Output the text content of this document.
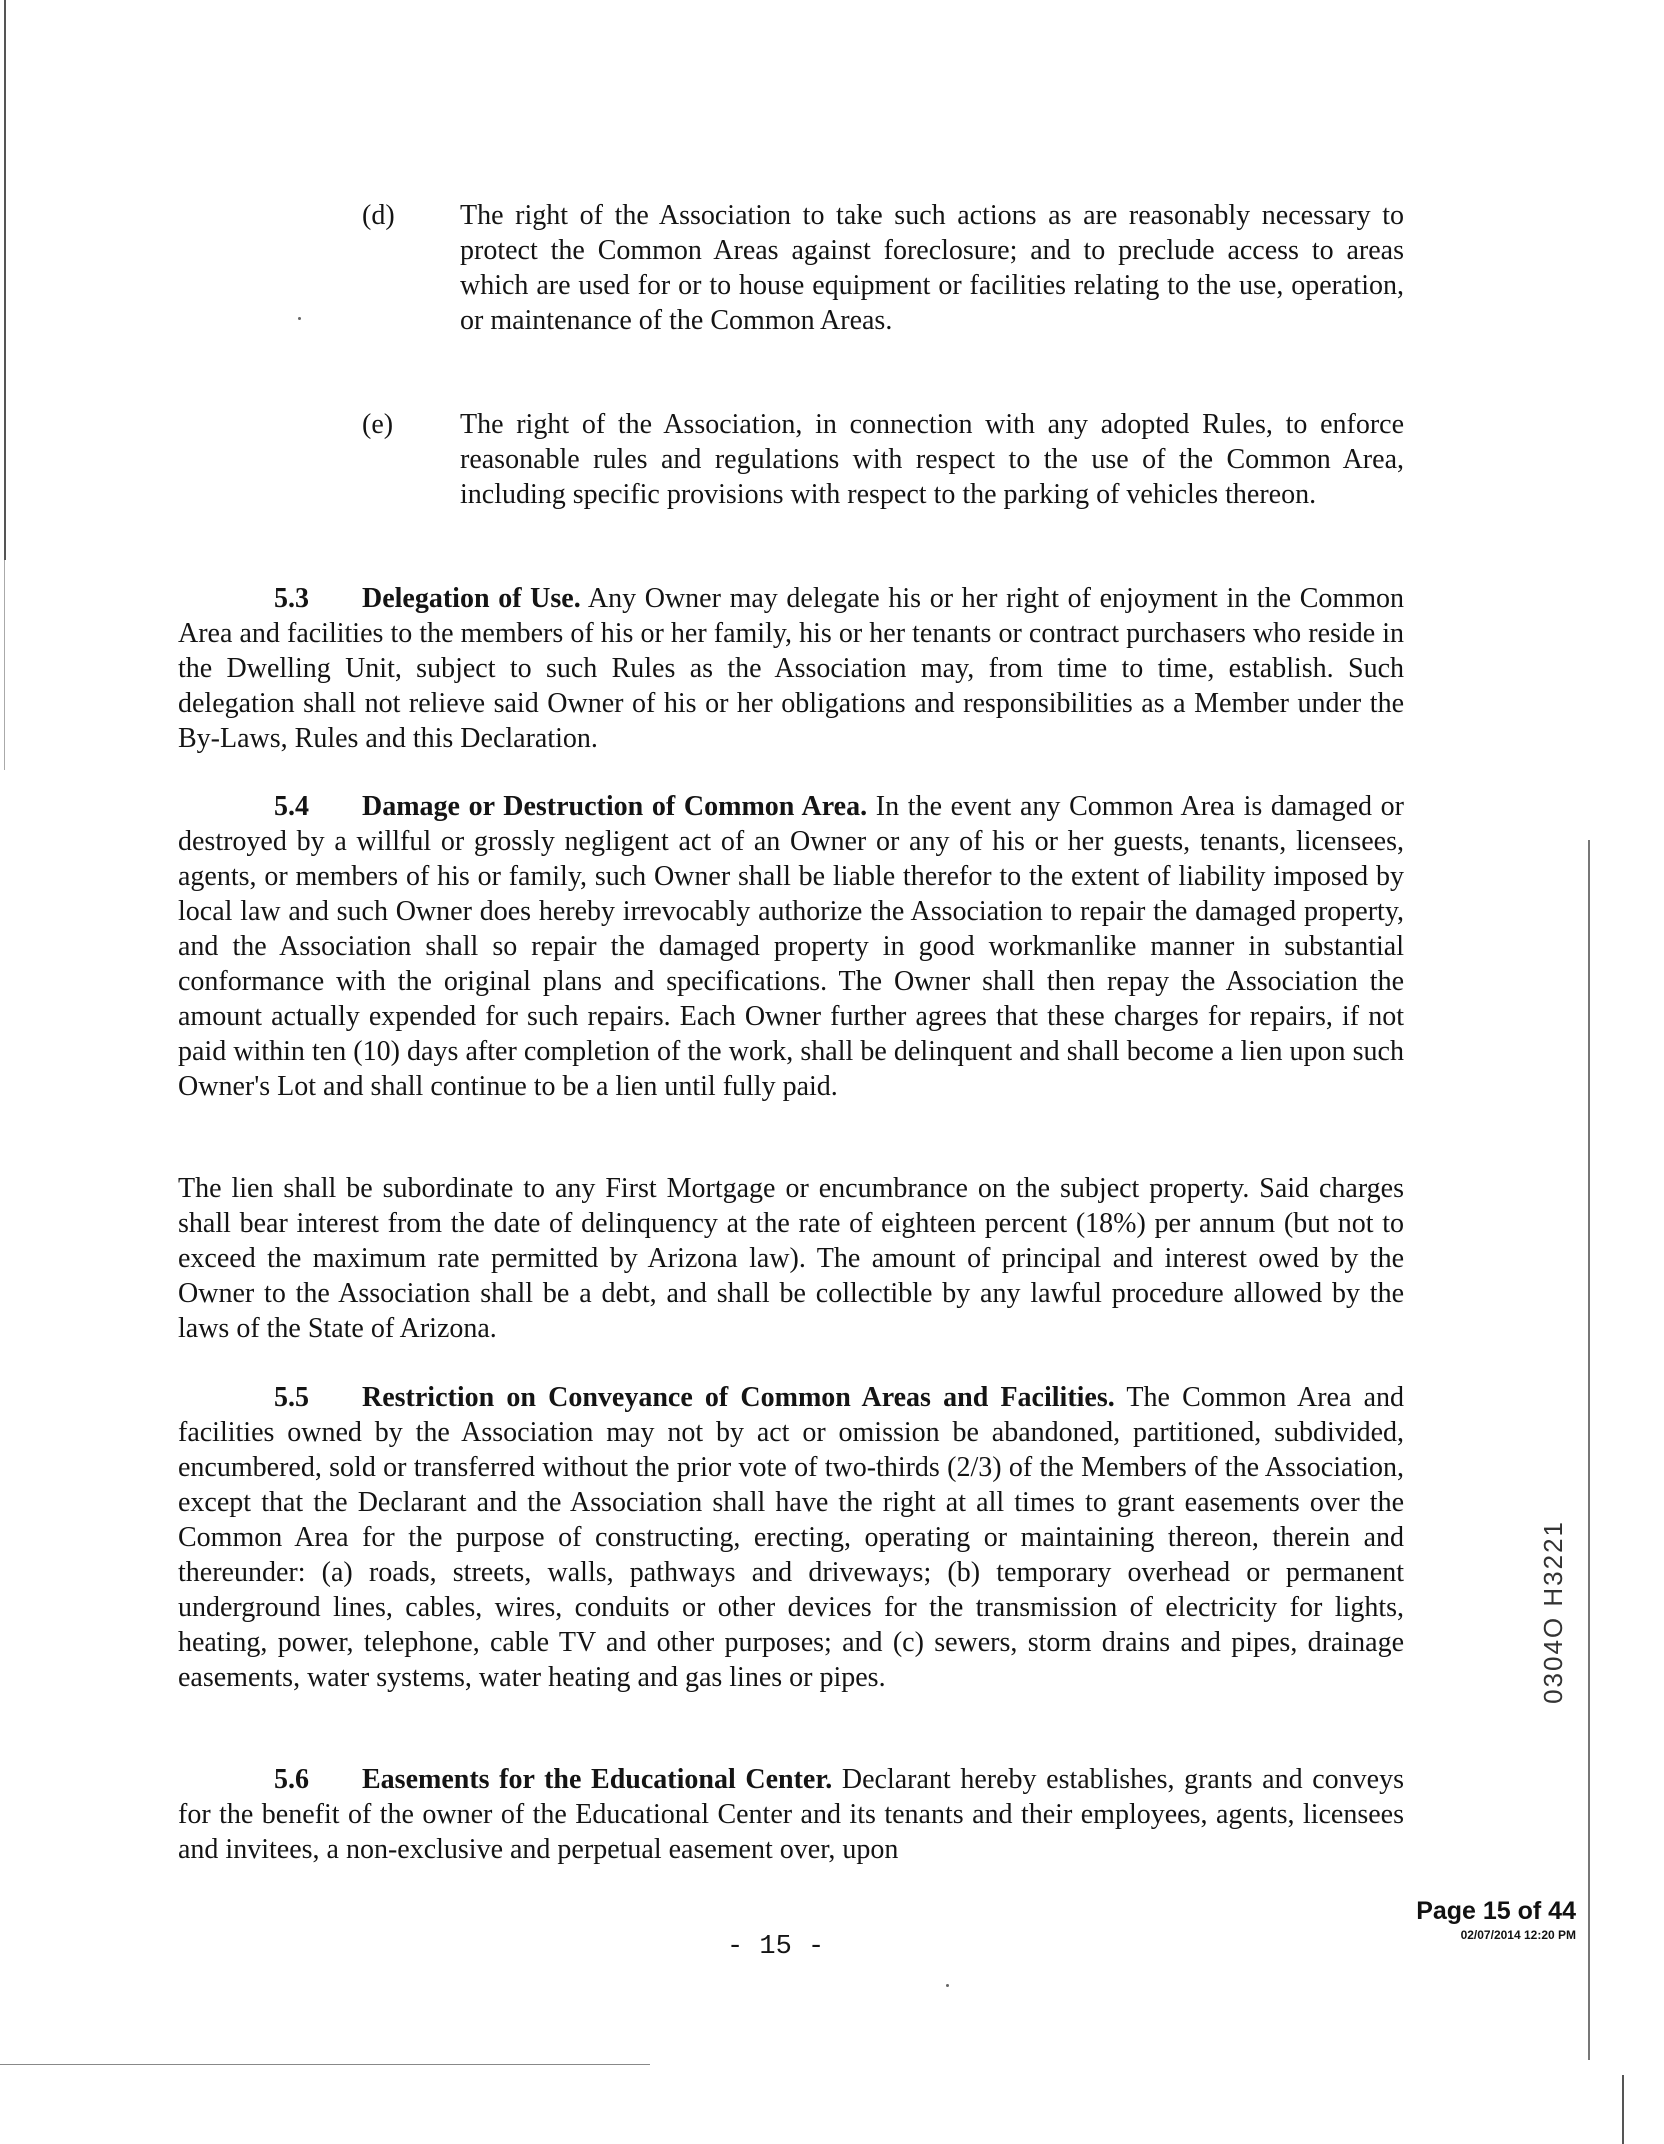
(d) The right of the Association to take such actions as are reasonably necessary to protect the Common Areas against foreclosure; and to preclude access to areas which are used for or to house equipment or facilities relating to the use, operation, or maintenance of the Common Areas.

(e) The right of the Association, in connection with any adopted Rules, to enforce reasonable rules and regulations with respect to the use of the Common Area, including specific provisions with respect to the parking of vehicles thereon.

5.3 Delegation of Use. Any Owner may delegate his or her right of enjoyment in the Common Area and facilities to the members of his or her family, his or her tenants or contract purchasers who reside in the Dwelling Unit, subject to such Rules as the Association may, from time to time, establish. Such delegation shall not relieve said Owner of his or her obligations and responsibilities as a Member under the By-Laws, Rules and this Declaration.

5.4 Damage or Destruction of Common Area. In the event any Common Area is damaged or destroyed by a willful or grossly negligent act of an Owner or any of his or her guests, tenants, licensees, agents, or members of his or family, such Owner shall be liable therefor to the extent of liability imposed by local law and such Owner does hereby irrevocably authorize the Association to repair the damaged property, and the Association shall so repair the damaged property in good workmanlike manner in substantial conformance with the original plans and specifications. The Owner shall then repay the Association the amount actually expended for such repairs. Each Owner further agrees that these charges for repairs, if not paid within ten (10) days after completion of the work, shall be delinquent and shall become a lien upon such Owner's Lot and shall continue to be a lien until fully paid.

The lien shall be subordinate to any First Mortgage or encumbrance on the subject property. Said charges shall bear interest from the date of delinquency at the rate of eighteen percent (18%) per annum (but not to exceed the maximum rate permitted by Arizona law). The amount of principal and interest owed by the Owner to the Association shall be a debt, and shall be collectible by any lawful procedure allowed by the laws of the State of Arizona.

5.5 Restriction on Conveyance of Common Areas and Facilities. The Common Area and facilities owned by the Association may not by act or omission be abandoned, partitioned, subdivided, encumbered, sold or transferred without the prior vote of two-thirds (2/3) of the Members of the Association, except that the Declarant and the Association shall have the right at all times to grant easements over the Common Area for the purpose of constructing, erecting, operating or maintaining thereon, therein and thereunder: (a) roads, streets, walls, pathways and driveways; (b) temporary overhead or permanent underground lines, cables, wires, conduits or other devices for the transmission of electricity for lights, heating, power, telephone, cable TV and other purposes; and (c) sewers, storm drains and pipes, drainage easements, water systems, water heating and gas lines or pipes.

5.6 Easements for the Educational Center. Declarant hereby establishes, grants and conveys for the benefit of the owner of the Educational Center and its tenants and their employees, agents, licensees and invitees, a non-exclusive and perpetual easement over, upon

0304O H3221
- 15 -
Page 15 of 44
02/07/2014 12:20 PM
